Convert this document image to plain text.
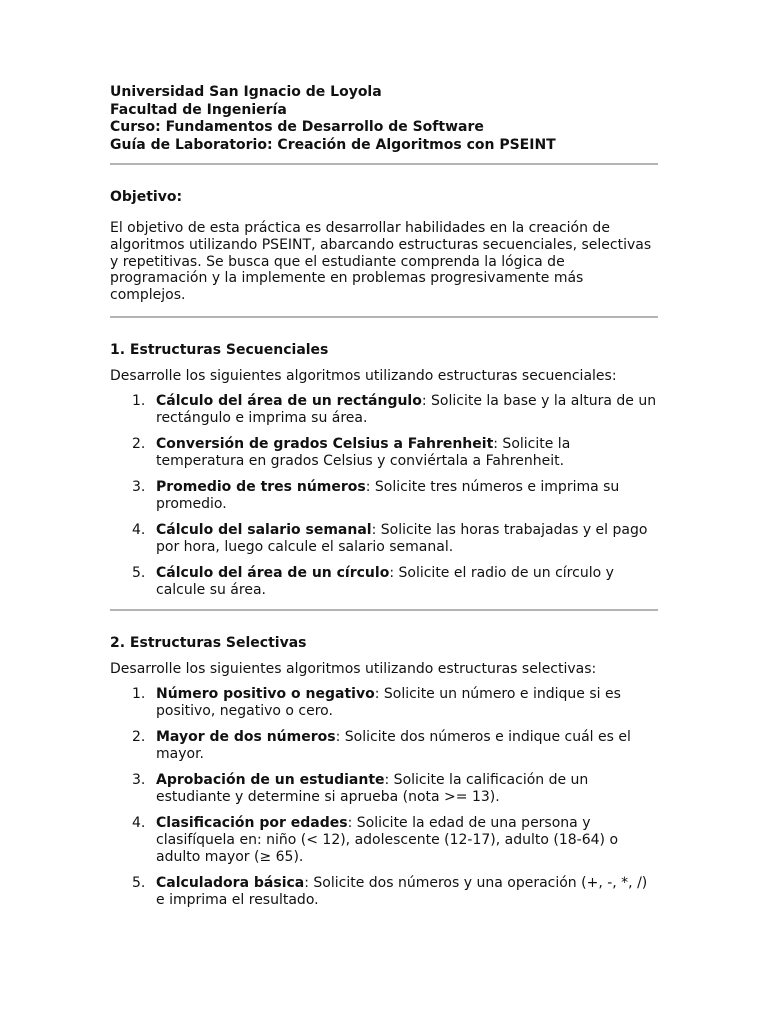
Universidad San Ignacio de Loyola

Facultad de Ingeniería

Curso: Fundamentos de Desarrollo de Software

Guía de Laboratorio: Creación de Algoritmos con PSEINT

Objetivo:

El objetivo de esta práctica es desarrollar habilidades en la creación de algoritmos utilizando PSEINT, abarcando estructuras secuenciales, selectivas y repetitivas. Se busca que el estudiante comprenda la lógica de programación y la implemente en problemas progresivamente más complejos.

1. Estructuras Secuenciales

Desarrolle los siguientes algoritmos utilizando estructuras secuenciales:

1. Cálculo del área de un rectángulo: Solicite la base y la altura de un rectángulo e imprima su área.
2. Conversión de grados Celsius a Fahrenheit: Solicite la temperatura en grados Celsius y conviértala a Fahrenheit.
3. Promedio de tres números: Solicite tres números e imprima su promedio.
4. Cálculo del salario semanal: Solicite las horas trabajadas y el pago por hora, luego calcule el salario semanal.
5. Cálculo del área de un círculo: Solicite el radio de un círculo y calcule su área.

2. Estructuras Selectivas

Desarrolle los siguientes algoritmos utilizando estructuras selectivas:

1. Número positivo o negativo: Solicite un número e indique si es positivo, negativo o cero.
2. Mayor de dos números: Solicite dos números e indique cuál es el mayor.
3. Aprobación de un estudiante: Solicite la calificación de un estudiante y determine si aprueba (nota >= 13).
4. Clasificación por edades: Solicite la edad de una persona y clasifíquela en: niño (< 12), adolescente (12-17), adulto (18-64) o adulto mayor (≥ 65).
5. Calculadora básica: Solicite dos números y una operación (+, -, *, /) e imprima el resultado.
